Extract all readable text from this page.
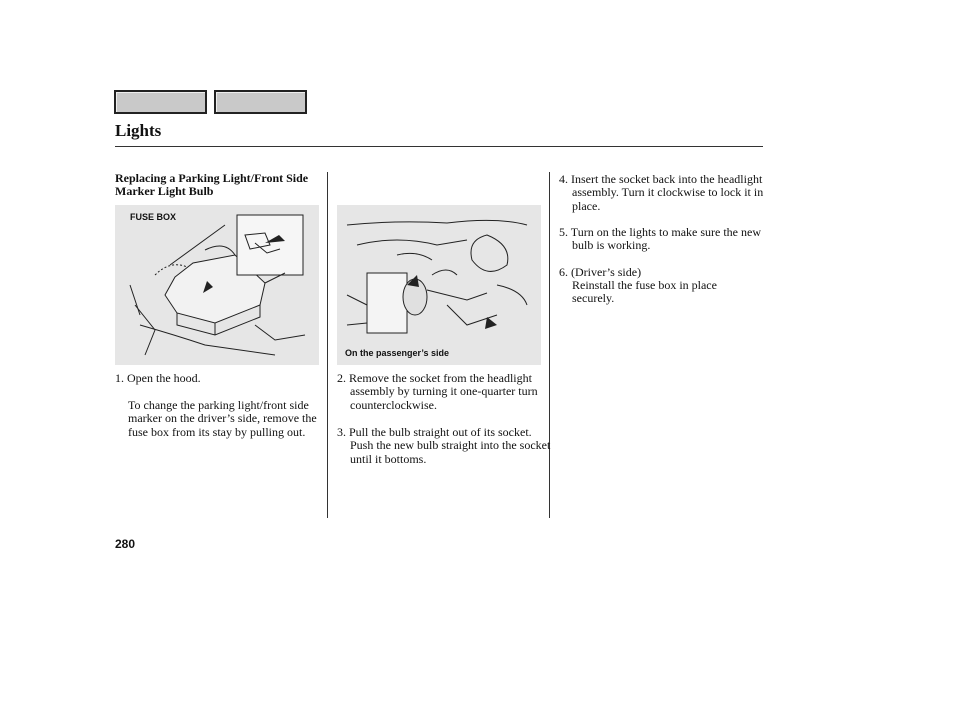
Lights
Replacing a Parking Light/Front Side Marker Light Bulb
FUSE BOX
On the passenger’s side
1. Open the hood.
To change the parking light/front side marker on the driver’s side, remove the fuse box from its stay by pulling out.
2. Remove the socket from the headlight assembly by turning it one-quarter turn counterclockwise.
3. Pull the bulb straight out of its socket. Push the new bulb straight into the socket until it bottoms.
4. Insert the socket back into the headlight assembly. Turn it clockwise to lock it in place.
5. Turn on the lights to make sure the new bulb is working.
6. (Driver’s side)
Reinstall the fuse box in place securely.
280
